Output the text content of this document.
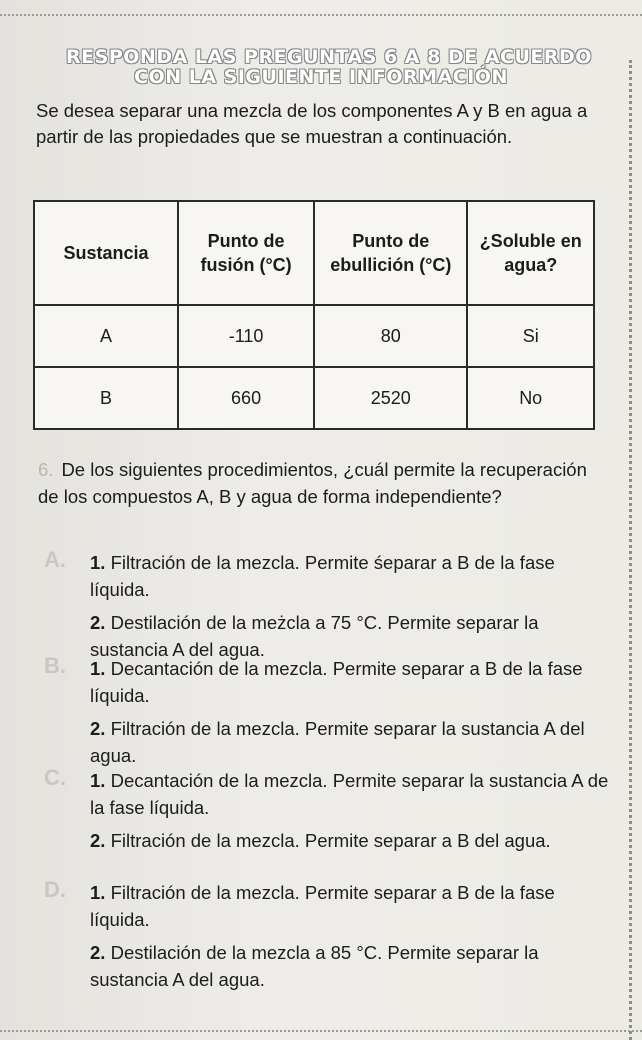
RESPONDA LAS PREGUNTAS 6 A 8 DE ACUERDO
CON LA SIGUIENTE INFORMACIÓN
Se desea separar una mezcla de los componentes A y B en agua a partir de las propiedades que se muestran a continuación.
Sustancia	Punto de fusión (°C)	Punto de ebullición (°C)	¿Soluble en agua?
A	-110	80	Si
B	660	2520	No
6. De los siguientes procedimientos, ¿cuál permite la recuperación de los compuestos A, B y agua de forma independiente?
A.	1. Filtración de la mezcla. Permite śeparar a B de la fase líquida.
2. Destilación de la meżcla a 75 °C. Permite separar la sustancia A del agua.
B.	1. Decantación de la mezcla. Permite separar a B de la fase líquida.
2. Filtración de la mezcla. Permite separar la sustancia A del agua.
C.	1. Decantación de la mezcla. Permite separar la sustancia A de la fase líquida.
2. Filtración de la mezcla. Permite separar a B del agua.
D.	1. Filtración de la mezcla. Permite separar a B de la fase líquida.
2. Destilación de la mezcla a 85 °C. Permite separar la sustancia A del agua.
